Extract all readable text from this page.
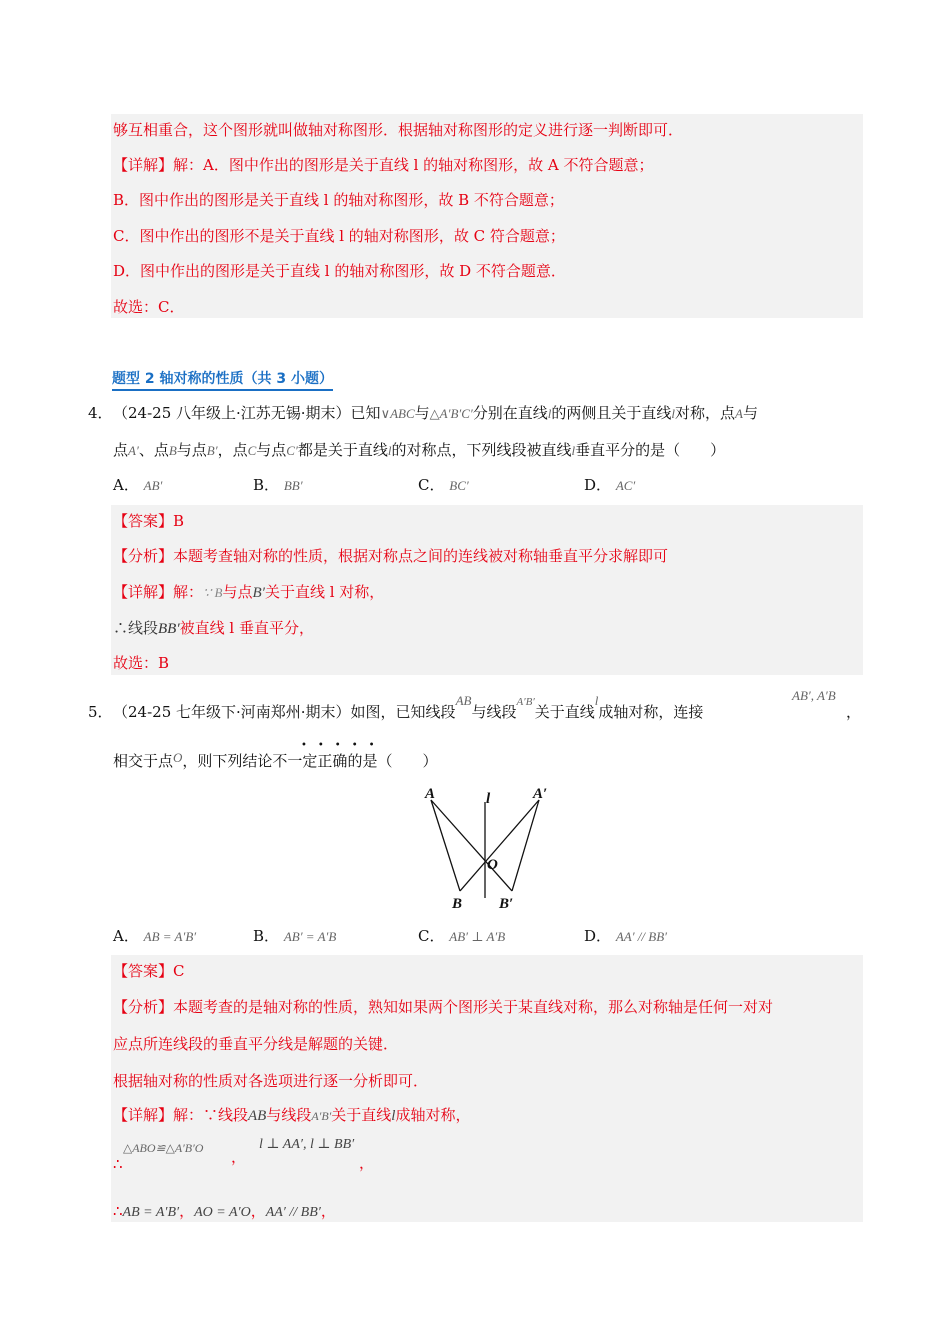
够互相重合，这个图形就叫做轴对称图形．根据轴对称图形的定义进行逐一判断即可．
【详解】解：A．图中作出的图形是关于直线 l 的轴对称图形，故 A 不符合题意；
B．图中作出的图形是关于直线 l 的轴对称图形，故 B 不符合题意；
C．图中作出的图形不是关于直线 l 的轴对称图形，故 C 符合题意；
D．图中作出的图形是关于直线 l 的轴对称图形，故 D 不符合题意．
故选：C．
题型 2 轴对称的性质（共 3 小题）
4． （24-25 八年级上·江苏无锡·期末）已知∨ABC与△A′B′C′分别在直线l的两侧且关于直线l对称，点A与
点A′、点B与点B′，点C与点C′都是关于直线l的对称点，下列线段被直线l垂直平分的是（　　）
A． AB′	B． BB′	C． BC′	D． AC′
【答案】B
【分析】本题考查轴对称的性质，根据对称点之间的连线被对称轴垂直平分求解即可
【详解】解：∵ B与点B′关于直线 l 对称，
∴线段BB′被直线 l 垂直平分，
故选：B
5． （24-25 七年级下·河南郑州·期末）如图，已知线段AB与线段$^{A'B'}$关于直线l成轴对称，连接
AB′, A′B
，
相交于点O，则下列结论不一定正确的是（　　）
•••••
A	l	A′
O
B B′
A． AB = A′B′	B． AB′ = A′B	C． AB′ ⊥ A′B	D． AA′ // BB′
【答案】C
【分析】本题考查的是轴对称的性质，熟知如果两个图形关于某直线对称，那么对称轴是任何一对对
应点所连线段的垂直平分线是解题的关键．
根据轴对称的性质对各选项进行逐一分析即可．
【详解】解：∵线段AB与线段A′B′关于直线l成轴对称，
∴
△ABO≌△A′B′O ，
l ⊥ AA′, l ⊥ BB′
，
∴AB = A′B′，AO = A′O，AA′ // BB′，
